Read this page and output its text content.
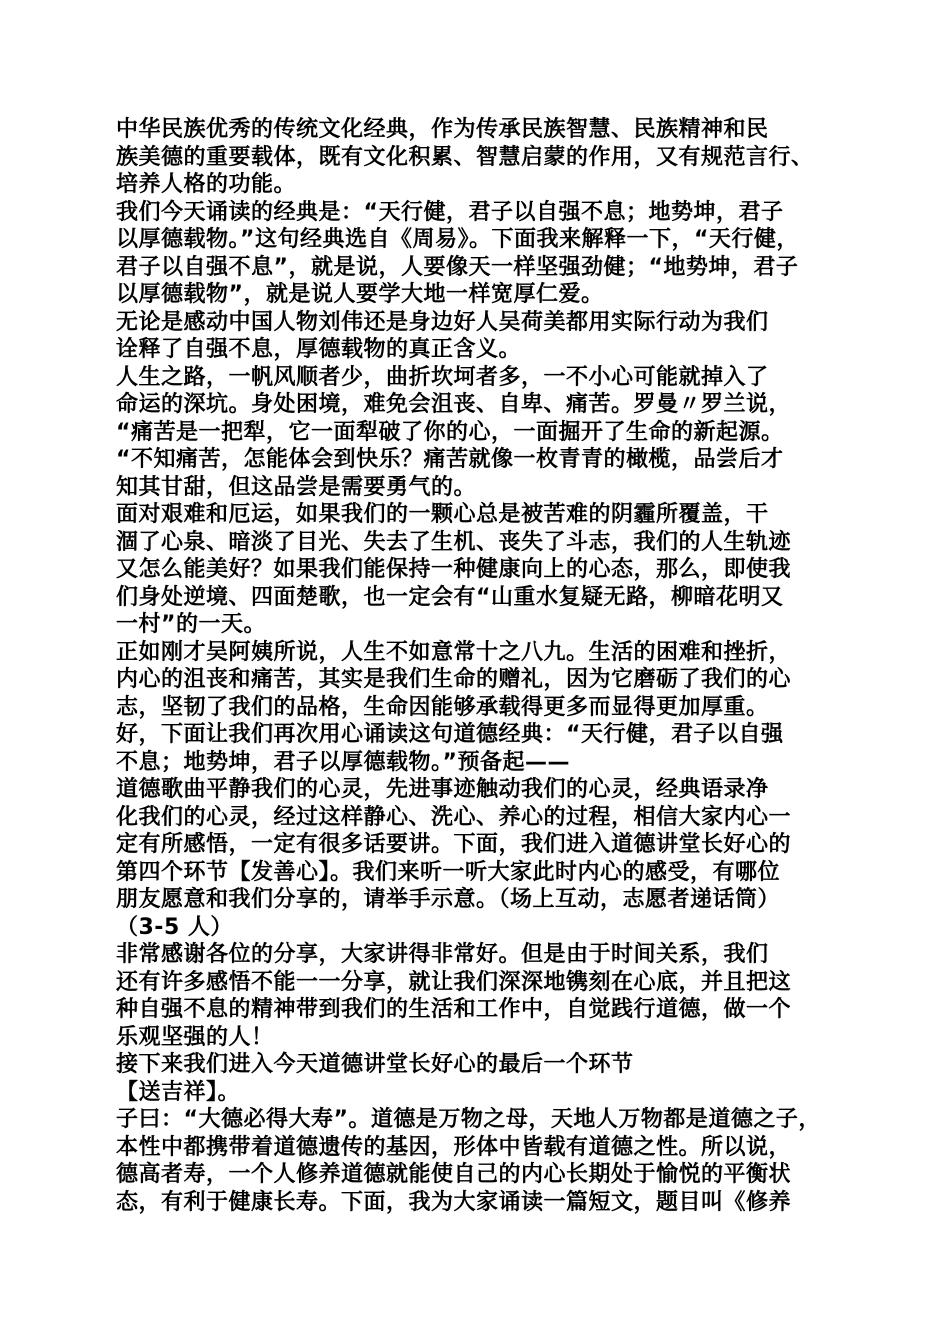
中华民族优秀的传统文化经典，作为传承民族智慧、民族精神和民

族美德的重要载体，既有文化积累、智慧启蒙的作用，又有规范言行、

培养人格的功能。

我们今天诵读的经典是：“天行健，君子以自强不息；地势坤，君子

以厚德载物。”这句经典选自《周易》。下面我来解释一下，“天行健，

君子以自强不息”，就是说，人要像天一样坚强劲健；“地势坤，君子

以厚德载物”，就是说人要学大地一样宽厚仁爱。

无论是感动中国人物刘伟还是身边好人吴荷美都用实际行动为我们

诠释了自强不息，厚德载物的真正含义。

人生之路，一帆风顺者少，曲折坎坷者多，一不小心可能就掉入了

命运的深坑。身处困境，难免会沮丧、自卑、痛苦。罗曼〃罗兰说，

“痛苦是一把犁，它一面犁破了你的心，一面掘开了生命的新起源。

“不知痛苦，怎能体会到快乐？痛苦就像一枚青青的橄榄，品尝后才

知其甘甜，但这品尝是需要勇气的。

面对艰难和厄运，如果我们的一颗心总是被苦难的阴霾所覆盖，干

涸了心泉、暗淡了目光、失去了生机、丧失了斗志，我们的人生轨迹

又怎么能美好？如果我们能保持一种健康向上的心态，那么，即使我

们身处逆境、四面楚歌，也一定会有“山重水复疑无路，柳暗花明又

一村”的一天。

正如刚才吴阿姨所说，人生不如意常十之八九。生活的困难和挫折，

内心的沮丧和痛苦，其实是我们生命的赠礼，因为它磨砺了我们的心

志，坚韧了我们的品格，生命因能够承载得更多而显得更加厚重。

好，下面让我们再次用心诵读这句道德经典：“天行健，君子以自强

不息；地势坤，君子以厚德载物。”预备起——

道德歌曲平静我们的心灵，先进事迹触动我们的心灵，经典语录净

化我们的心灵，经过这样静心、洗心、养心的过程，相信大家内心一

定有所感悟，一定有很多话要讲。下面，我们进入道德讲堂长好心的

第四个环节【发善心】。我们来听一听大家此时内心的感受，有哪位

朋友愿意和我们分享的，请举手示意。（场上互动，志愿者递话筒）

（3-5 人）

非常感谢各位的分享，大家讲得非常好。但是由于时间关系，我们

还有许多感悟不能一一分享，就让我们深深地镌刻在心底，并且把这

种自强不息的精神带到我们的生活和工作中，自觉践行道德，做一个

乐观坚强的人！

接下来我们进入今天道德讲堂长好心的最后一个环节

【送吉祥】。

子曰：“大德必得大寿”。道德是万物之母，天地人万物都是道德之子，

本性中都携带着道德遗传的基因，形体中皆载有道德之性。所以说，

德高者寿，一个人修养道德就能使自己的内心长期处于愉悦的平衡状

态，有利于健康长寿。下面，我为大家诵读一篇短文，题目叫《修养
